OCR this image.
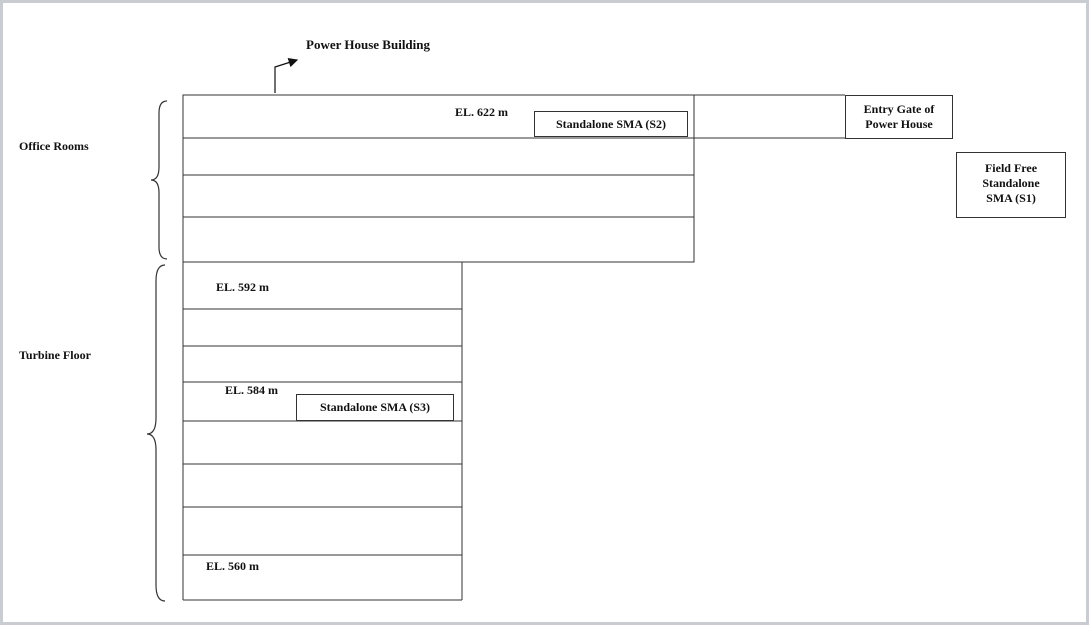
Power House Building
Office Rooms
Turbine Floor
EL. 622 m
EL. 592 m
EL. 584 m
EL. 560 m
Standalone SMA (S2)
Standalone SMA (S3)
Entry Gate of
Power House
Field Free
Standalone
SMA (S1)
